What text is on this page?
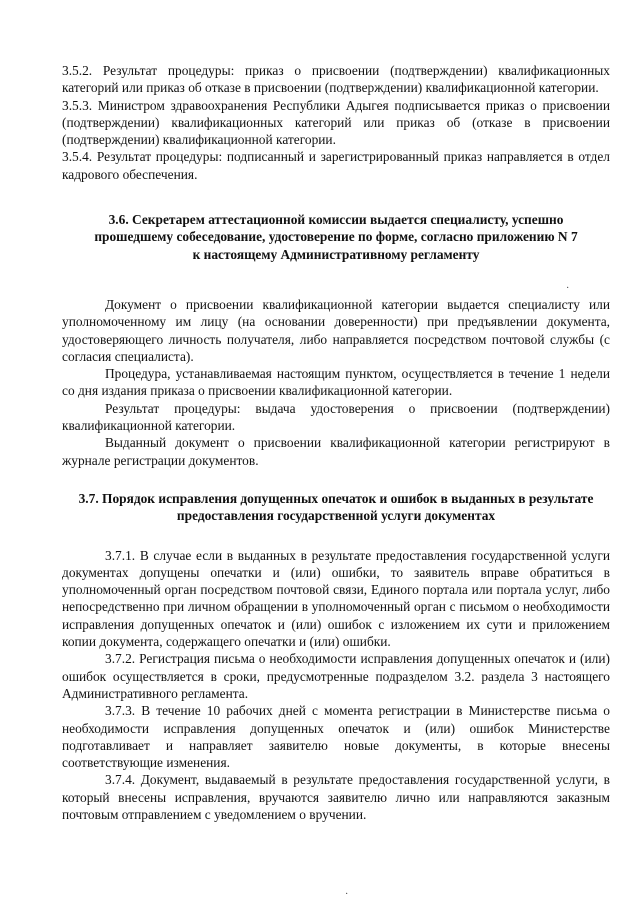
3.5.2. Результат процедуры: приказ о присвоении (подтверждении) квалификационных категорий или приказ об отказе в присвоении (подтверждении) квалификационной категории.

3.5.3. Министром здравоохранения Республики Адыгея подписывается приказ о присвоении (подтверждении) квалификационных категорий или приказ об (отказе в присвоении (подтверждении) квалификационной категории.

3.5.4. Результат процедуры: подписанный и зарегистрированный приказ направляется в отдел кадрового обеспечения.

3.6. Секретарем аттестационной комиссии выдается специалисту, успешно прошедшему собеседование, удостоверение по форме, согласно приложению N 7 к настоящему Административному регламенту

Документ о присвоении квалификационной категории выдается специалисту или уполномоченному им лицу (на основании доверенности) при предъявлении документа, удостоверяющего личность получателя, либо направляется посредством почтовой службы (с согласия специалиста).

Процедура, устанавливаемая настоящим пунктом, осуществляется в течение 1 недели со дня издания приказа о присвоении квалификационной категории.

Результат процедуры: выдача удостоверения о присвоении (подтверждении) квалификационной категории.

Выданный документ о присвоении квалификационной категории регистрируют в журнале регистрации документов.

3.7. Порядок исправления допущенных опечаток и ошибок в выданных в результате предоставления государственной услуги документах

3.7.1. В случае если в выданных в результате предоставления государственной услуги документах допущены опечатки и (или) ошибки, то заявитель вправе обратиться в уполномоченный орган посредством почтовой связи, Единого портала или портала услуг, либо непосредственно при личном обращении в уполномоченный орган с письмом о необходимости исправления допущенных опечаток и (или) ошибок с изложением их сути и приложением копии документа, содержащего опечатки и (или) ошибки.

3.7.2. Регистрация письма о необходимости исправления допущенных опечаток и (или) ошибок осуществляется в сроки, предусмотренные подразделом 3.2. раздела 3 настоящего Административного регламента.

3.7.3. В течение 10 рабочих дней с момента регистрации в Министерстве письма о необходимости исправления допущенных опечаток и (или) ошибок Министерстве подготавливает и направляет заявителю новые документы, в которые внесены соответствующие изменения.

3.7.4. Документ, выдаваемый в результате предоставления государственной услуги, в который внесены исправления, вручаются заявителю лично или направляются заказным почтовым отправлением с уведомлением о вручении.

·
·
